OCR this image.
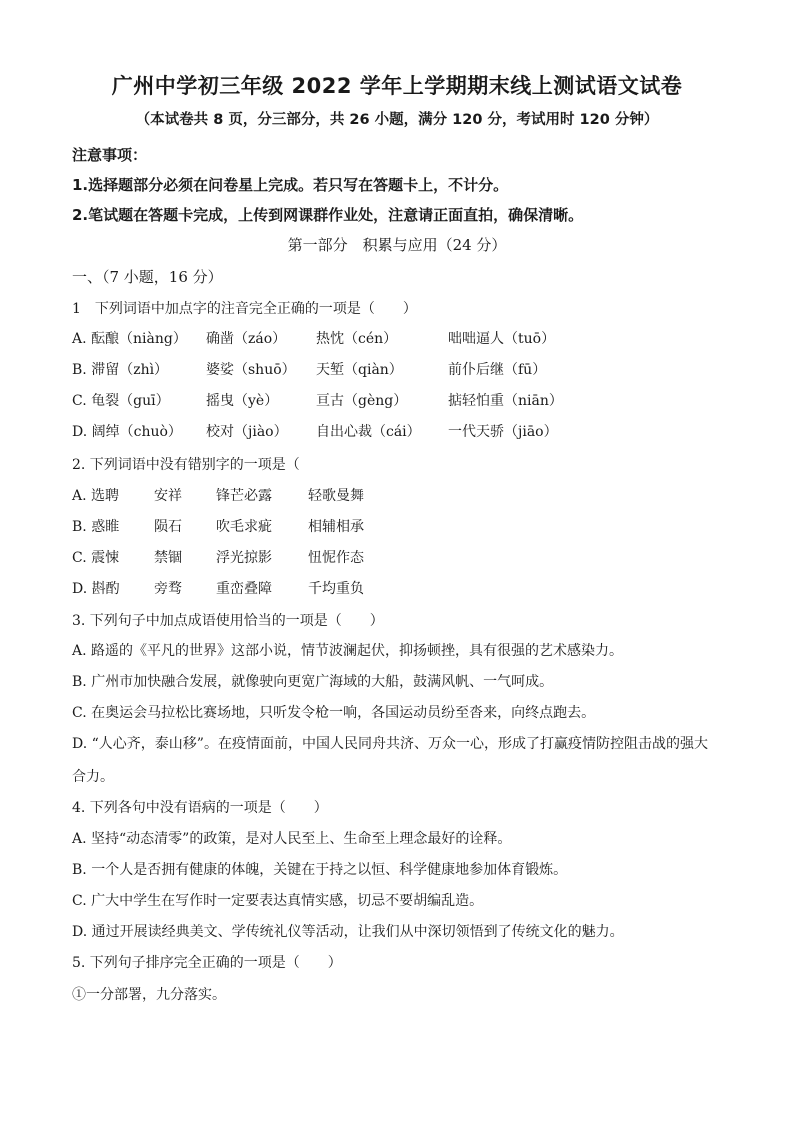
广州中学初三年级 2022 学年上学期期末线上测试语文试卷
（本试卷共 8 页，分三部分，共 26 小题，满分 120 分，考试用时 120 分钟）
注意事项：
1.选择题部分必须在问卷星上完成。若只写在答题卡上，不计分。
2.笔试题在答题卡完成，上传到网课群作业处，注意请正面直拍，确保清晰。
第一部分　积累与应用（24 分）
一、（7 小题，16 分）
1　下列词语中加点字的注音完全正确的一项是（　　）
A. 酝酿（niàng） 确凿（záo） 热忱（cén）	咄咄逼人（tuō）
B. 滞留（zhì）	婆娑（shuō） 天堑（qiàn）	前仆后继（fū）
C. 龟裂（guī）	摇曳（yè）	亘古（gèng）	掂轻怕重（niān）
D. 阔绰（chuò） 校对（jiào） 自出心裁（cái） 一代天骄（jiāo）
2. 下列词语中没有错别字的一项是（
A. 选聘 安祥 锋芒必露	轻歌曼舞
B. 惑睢 陨石 吹毛求疵	相辅相承
C. 震悚 禁锢 浮光掠影	忸怩作态
D. 斟酌 旁骛 重峦叠障	千均重负
3. 下列句子中加点成语使用恰当的一项是（　　）
A. 路遥的《平凡的世界》这部小说，情节波澜起伏，抑扬顿挫，具有很强的艺术感染力。
B. 广州市加快融合发展，就像驶向更宽广海域的大船，鼓满风帆、一气呵成。
C. 在奥运会马拉松比赛场地，只听发令枪一响，各国运动员纷至沓来，向终点跑去。
D. “人心齐，泰山移”。在疫情面前，中国人民同舟共济、万众一心，形成了打赢疫情防控阻击战的强大
合力。
4. 下列各句中没有语病的一项是（　　）
A. 坚持“动态清零”的政策，是对人民至上、生命至上理念最好的诠释。
B. 一个人是否拥有健康的体魄，关键在于持之以恒、科学健康地参加体育锻炼。
C. 广大中学生在写作时一定要表达真情实感，切忌不要胡编乱造。
D. 通过开展读经典美文、学传统礼仪等活动，让我们从中深切领悟到了传统文化的魅力。
5. 下列句子排序完全正确的一项是（　　）
①一分部署，九分落实。
